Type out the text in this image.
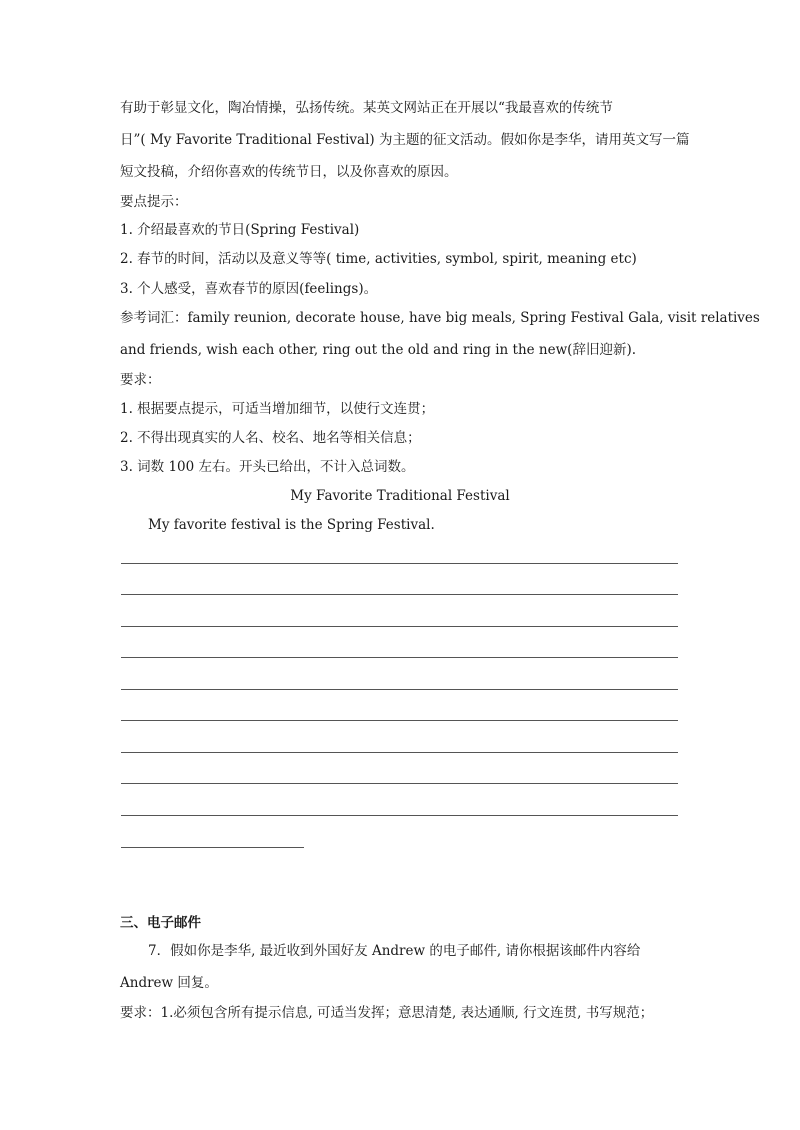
有助于彰显文化，陶冶情操，弘扬传统。某英文网站正在开展以“我最喜欢的传统节

日”( My Favorite Traditional Festival) 为主题的征文活动。假如你是李华，请用英文写一篇

短文投稿，介绍你喜欢的传统节日，以及你喜欢的原因。

要点提示：

1. 介绍最喜欢的节日(Spring Festival)

2. 春节的时间，活动以及意义等等( time, activities, symbol, spirit, meaning etc)

3. 个人感受，喜欢春节的原因(feelings)。

参考词汇：family reunion, decorate house, have big meals, Spring Festival Gala, visit relatives

and friends, wish each other, ring out the old and ring in the new(辞旧迎新).

要求：

1. 根据要点提示，可适当增加细节，以使行文连贯；

2. 不得出现真实的人名、校名、地名等相关信息；

3. 词数 100 左右。开头已给出，不计入总词数。

My Favorite Traditional Festival

My favorite festival is the Spring Festival.

三、电子邮件

7．假如你是李华, 最近收到外国好友 Andrew 的电子邮件, 请你根据该邮件内容给

Andrew 回复。

要求：1.必须包含所有提示信息, 可适当发挥；意思清楚, 表达通顺, 行文连贯, 书写规范；
